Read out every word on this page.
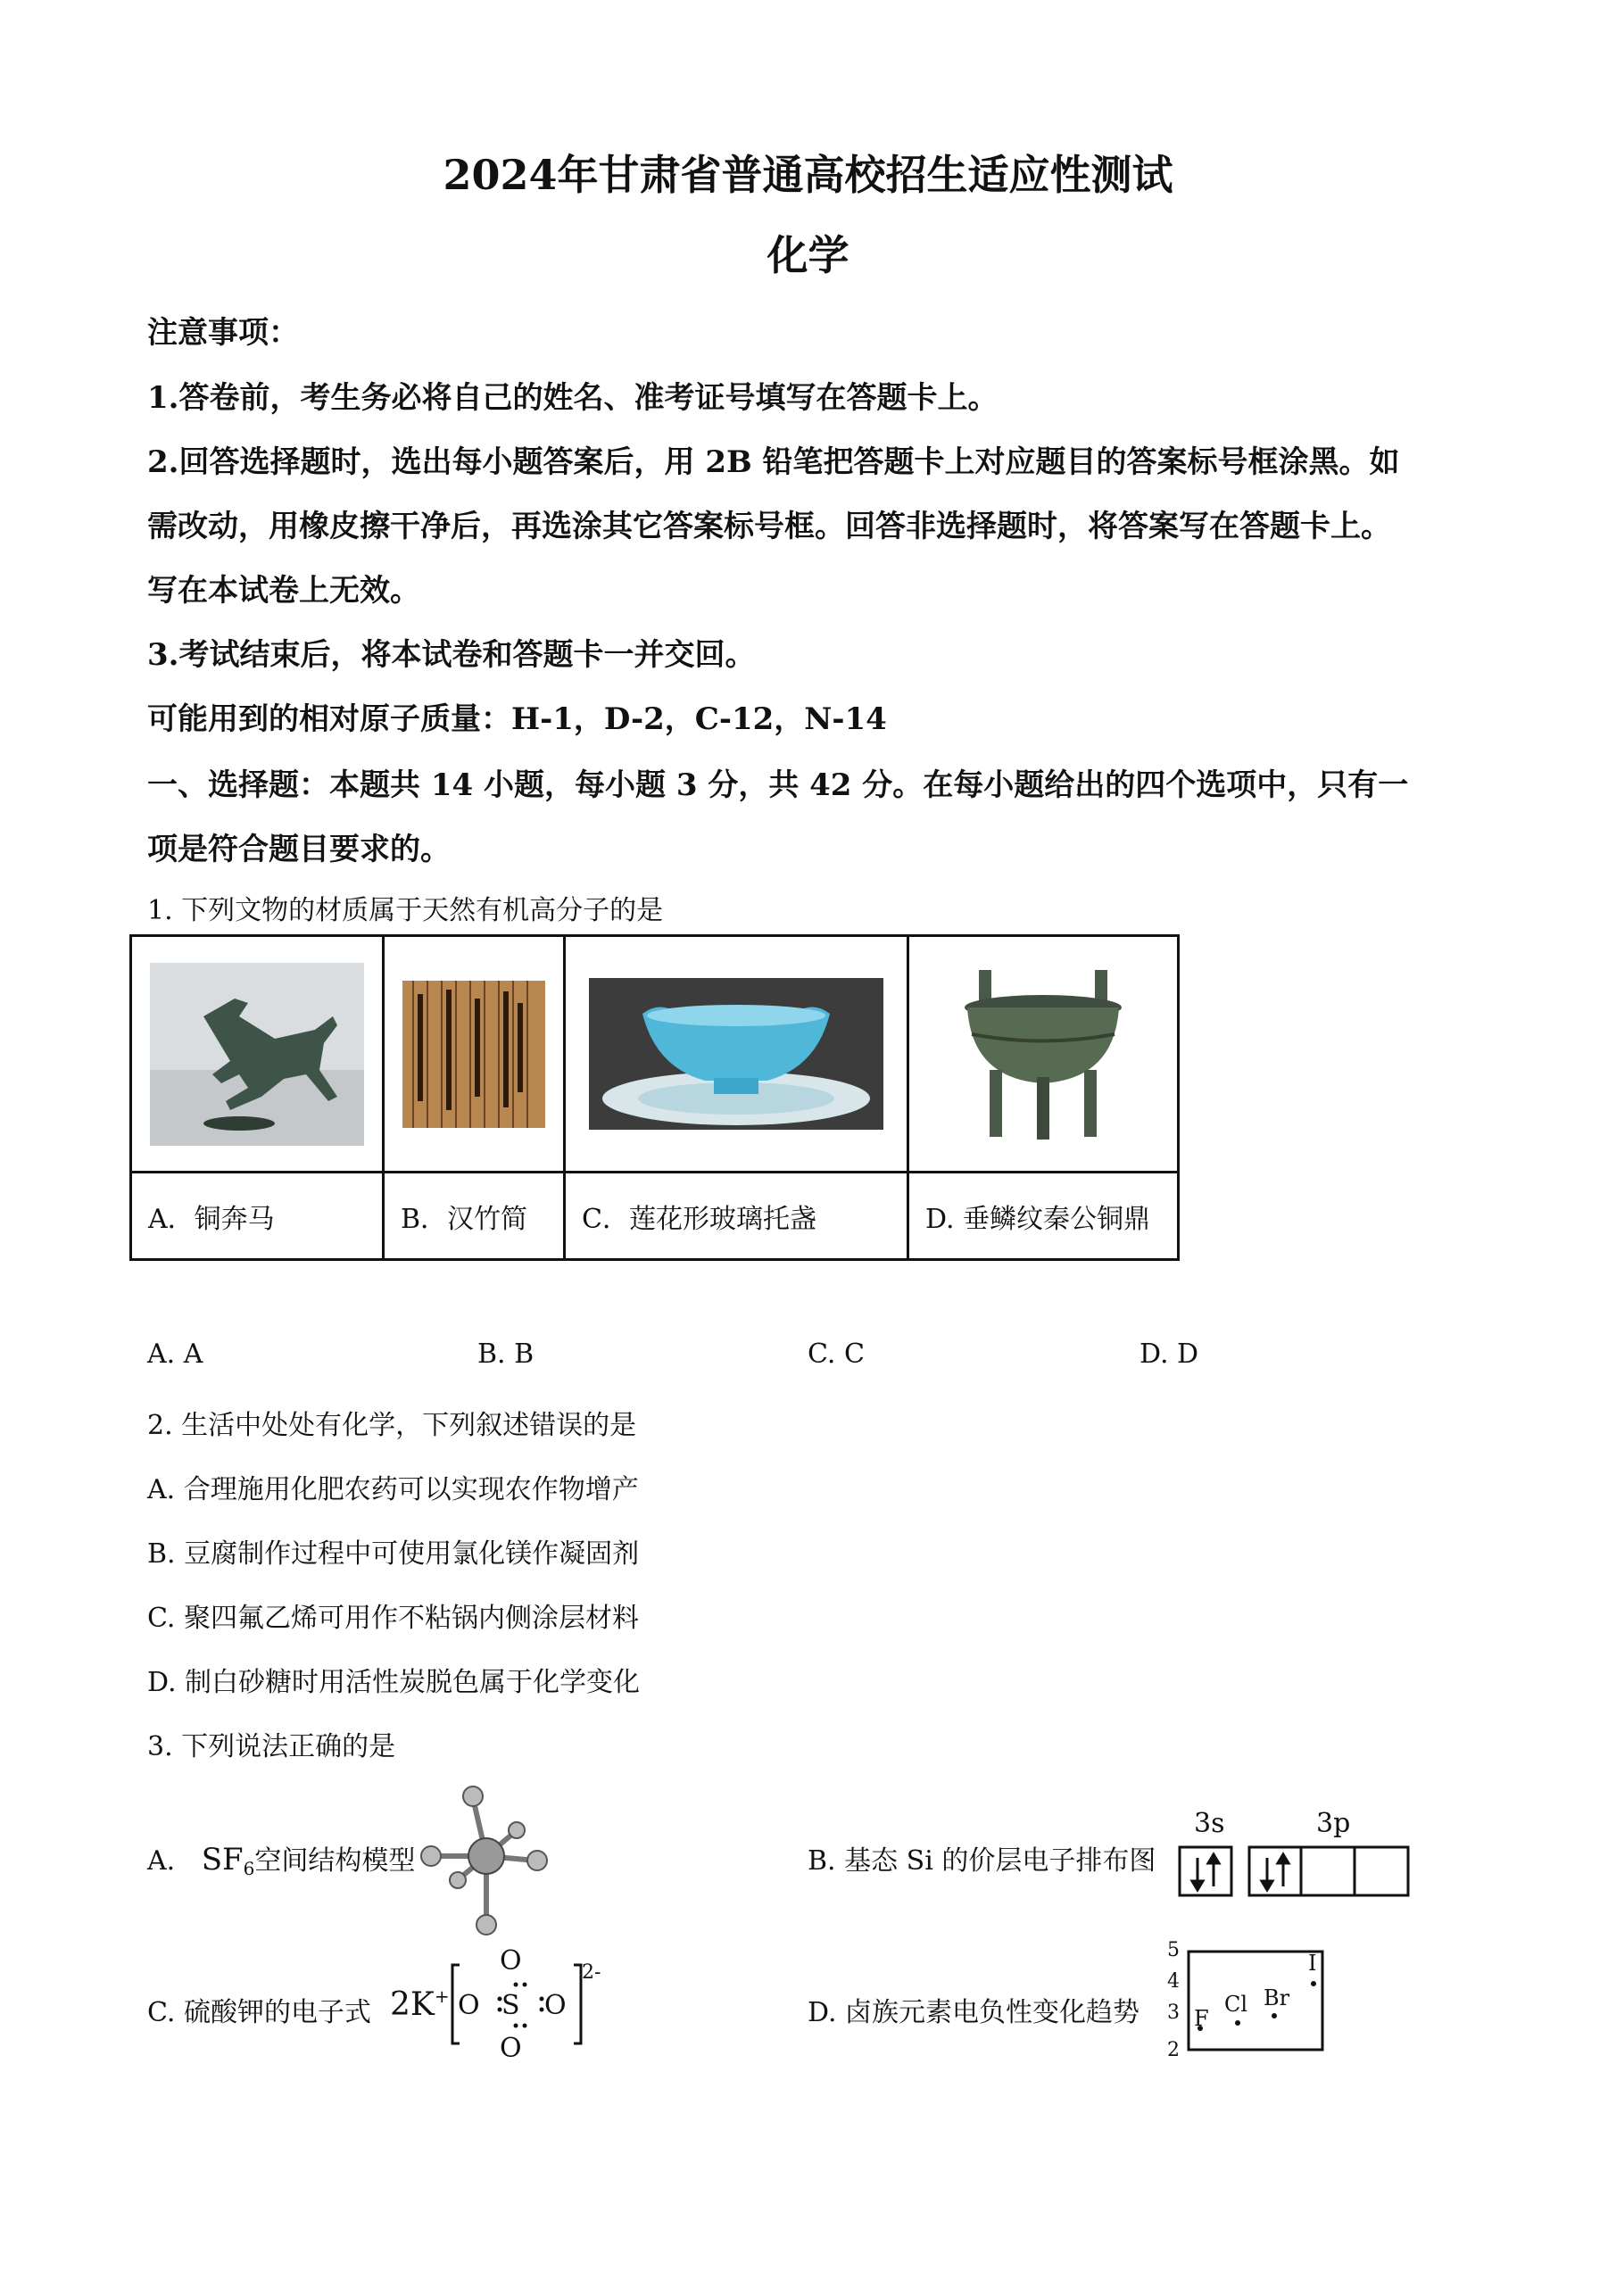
2024年甘肃省普通高校招生适应性测试
化学
注意事项：
1.答卷前，考生务必将自己的姓名、准考证号填写在答题卡上。
2.回答选择题时，选出每小题答案后，用 2B 铅笔把答题卡上对应题目的答案标号框涂黑。如
需改动，用橡皮擦干净后，再选涂其它答案标号框。回答非选择题时，将答案写在答题卡上。
写在本试卷上无效。
3.考试结束后，将本试卷和答题卡一并交回。
可能用到的相对原子质量：H-1，D-2，C-12，N-14
一、选择题：本题共 14 小题，每小题 3 分，共 42 分。在每小题给出的四个选项中，只有一
项是符合题目要求的。
1. 下列文物的材质属于天然有机高分子的是

A．铜奔马	B．汉竹简	C．莲花形玻璃托盏	D. 垂鳞纹秦公铜鼎
A. A	B. B	C. C	D. D
2. 生活中处处有化学，下列叙述错误的是
A. 合理施用化肥农药可以实现农作物增产
B. 豆腐制作过程中可使用氯化镁作凝固剂
C. 聚四氟乙烯可用作不粘锅内侧涂层材料
D. 制白砂糖时用活性炭脱色属于化学变化
3. 下列说法正确的是
A. $SF_6$空间结构模型	B. 基态 Si 的价层电子排布图
3s	3p
C. 硫酸钾的电子式 2K+
O
O S O
O
2-
D. 卤族元素电负性变化趋势
5
4
3
2
F
Cl Br
I
